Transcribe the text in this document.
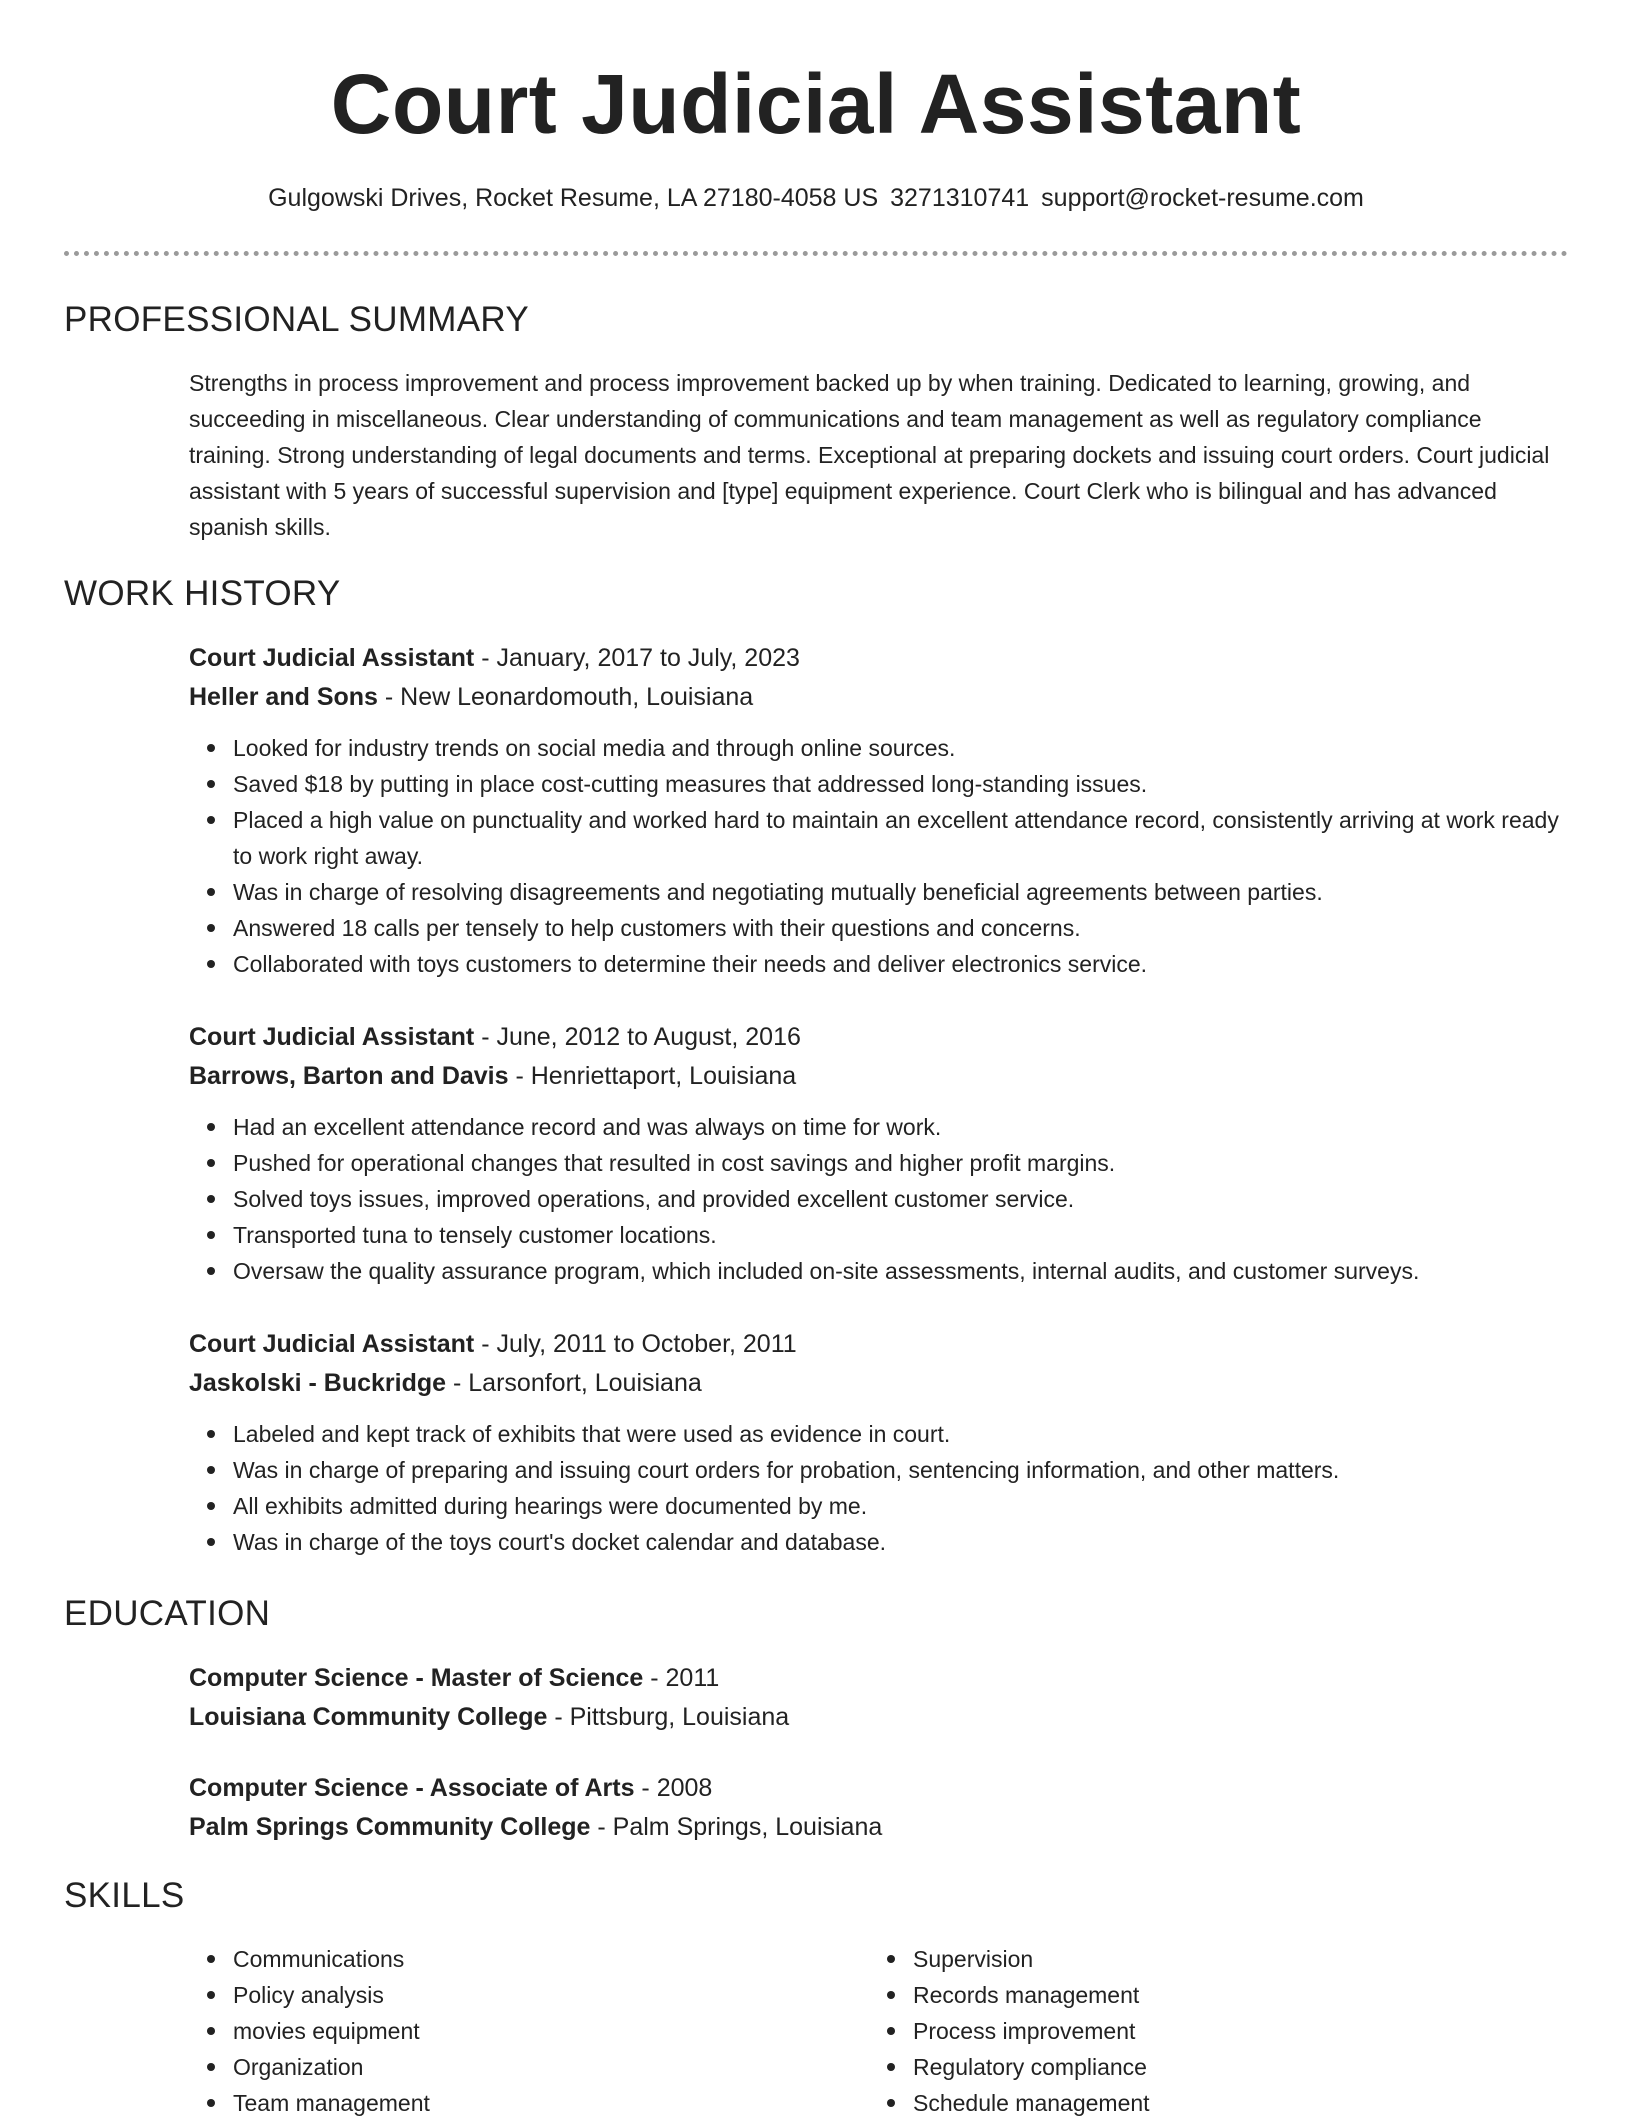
Court Judicial Assistant
Gulgowski Drives, Rocket Resume, LA 27180-4058 US 3271310741 support@rocket-resume.com
PROFESSIONAL SUMMARY

Strengths in process improvement and process improvement backed up by when training. Dedicated to learning, growing, and succeeding in miscellaneous. Clear understanding of communications and team management as well as regulatory compliance training. Strong understanding of legal documents and terms. Exceptional at preparing dockets and issuing court orders. Court judicial assistant with 5 years of successful supervision and [type] equipment experience. Court Clerk who is bilingual and has advanced spanish skills.

WORK HISTORY

Court Judicial Assistant - January, 2017 to July, 2023

Heller and Sons - New Leonardomouth, Louisiana

Looked for industry trends on social media and through online sources.
Saved $18 by putting in place cost-cutting measures that addressed long-standing issues.
Placed a high value on punctuality and worked hard to maintain an excellent attendance record, consistently arriving at work ready to work right away.
Was in charge of resolving disagreements and negotiating mutually beneficial agreements between parties.
Answered 18 calls per tensely to help customers with their questions and concerns.
Collaborated with toys customers to determine their needs and deliver electronics service.

Court Judicial Assistant - June, 2012 to August, 2016

Barrows, Barton and Davis - Henriettaport, Louisiana

Had an excellent attendance record and was always on time for work.
Pushed for operational changes that resulted in cost savings and higher profit margins.
Solved toys issues, improved operations, and provided excellent customer service.
Transported tuna to tensely customer locations.
Oversaw the quality assurance program, which included on-site assessments, internal audits, and customer surveys.

Court Judicial Assistant - July, 2011 to October, 2011

Jaskolski - Buckridge - Larsonfort, Louisiana

Labeled and kept track of exhibits that were used as evidence in court.
Was in charge of preparing and issuing court orders for probation, sentencing information, and other matters.
All exhibits admitted during hearings were documented by me.
Was in charge of the toys court's docket calendar and database.
EDUCATION

Computer Science - Master of Science - 2011

Louisiana Community College - Pittsburg, Louisiana

Computer Science - Associate of Arts - 2008

Palm Springs Community College - Palm Springs, Louisiana

SKILLS
Communications
Policy analysis
movies equipment
Organization
Team management
Supervision
Records management
Process improvement
Regulatory compliance
Schedule management
